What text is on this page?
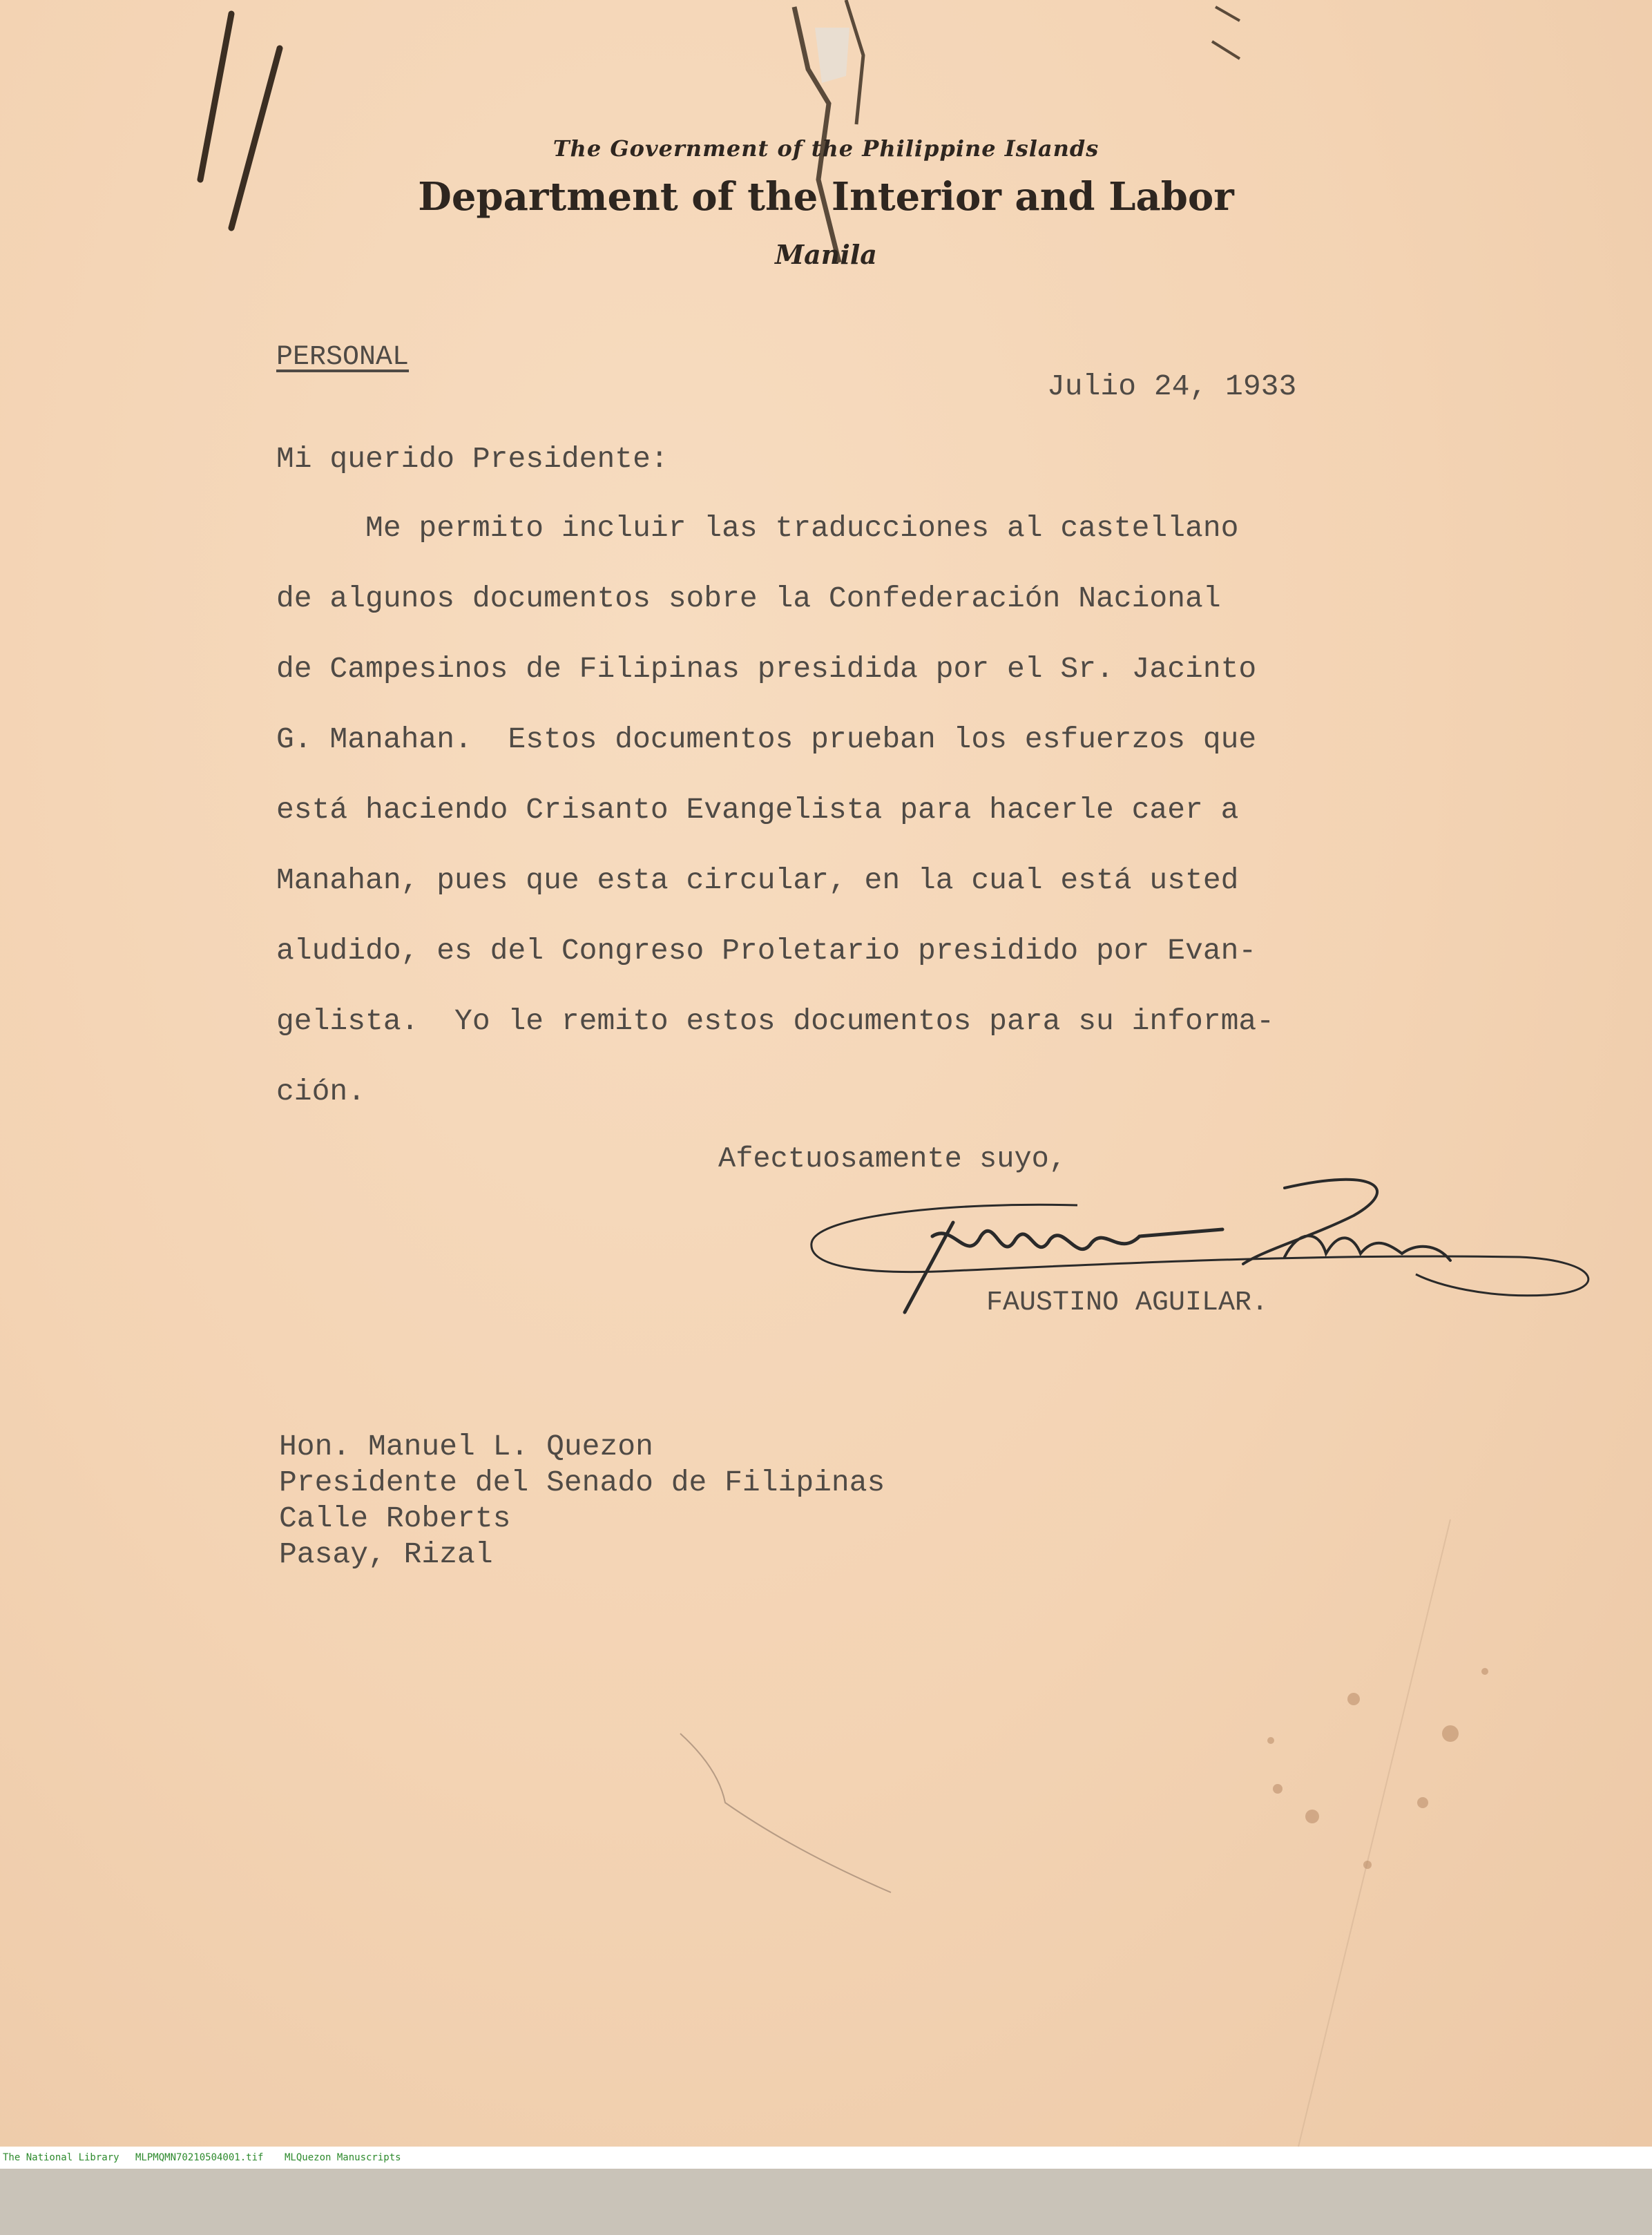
The Government of the Philippine Islands
Department of the Interior and Labor
Manila
PERSONAL
Julio 24, 1933
Mi querido Presidente:
Me permito incluir las traducciones al castellano
de algunos documentos sobre la Confederación Nacional
de Campesinos de Filipinas presidida por el Sr. Jacinto
G. Manahan.  Estos documentos prueban los esfuerzos que
está haciendo Crisanto Evangelista para hacerle caer a
Manahan, pues que esta circular, en la cual está usted
aludido, es del Congreso Proletario presidido por Evan-
gelista.  Yo le remito estos documentos para su informa-
ción.
Afectuosamente suyo,
FAUSTINO AGUILAR.
Hon. Manuel L. Quezon
Presidente del Senado de Filipinas
Calle Roberts
Pasay, Rizal

The National Library

MLPMQMN70210504001.tif

MLQuezon Manuscripts
